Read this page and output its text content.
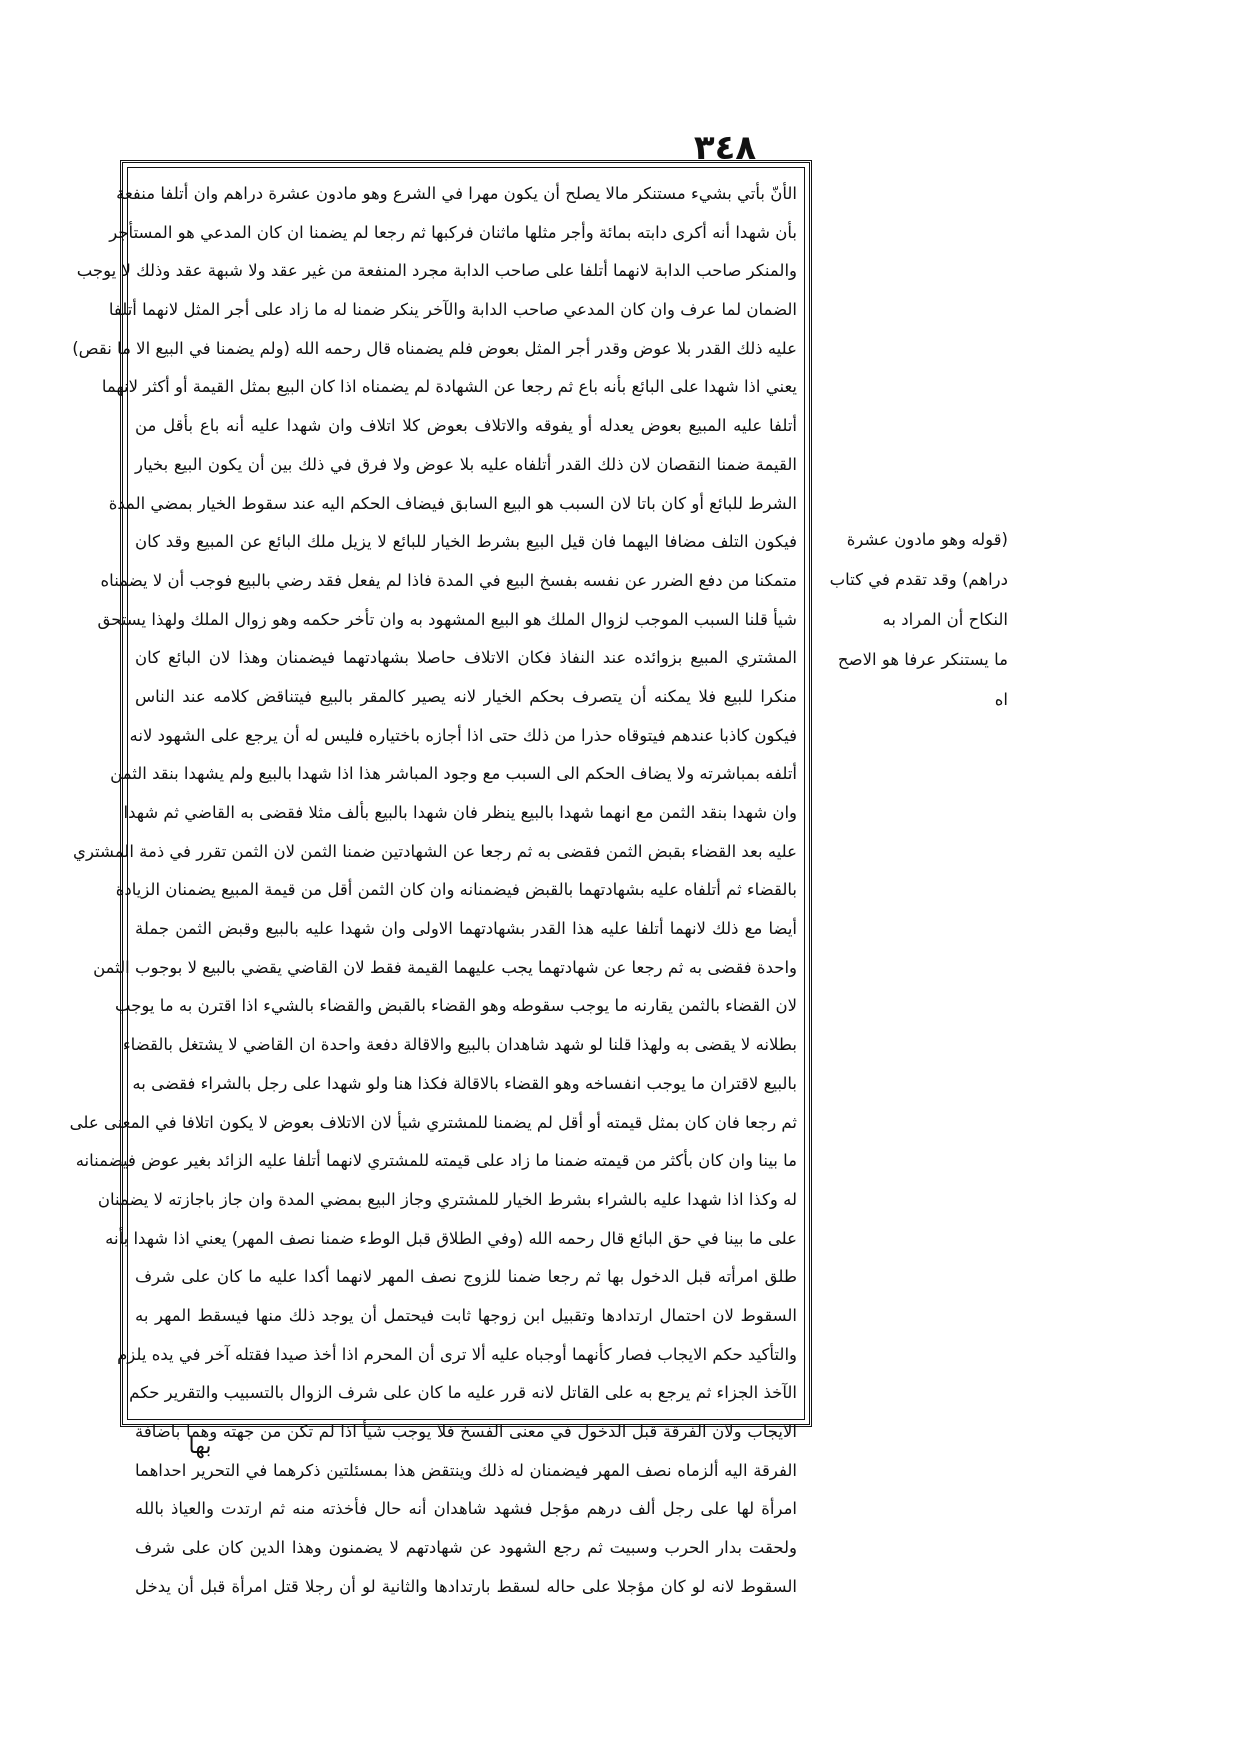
٣٤٨
الأنّ بأتي بشيء مستنكر مالا يصلح أن يكون مهرا في الشرع وهو مادون عشرة دراهم وان أتلفا منفعة
بأن شهدا أنه أكرى دابته بمائة وأجر مثلها ماثنان فركبها ثم رجعا لم يضمنا ان كان المدعي هو المستأجر
والمنكر صاحب الدابة لانهما أتلفا على صاحب الدابة مجرد المنفعة من غير عقد ولا شبهة عقد وذلك لا يوجب
الضمان لما عرف وان كان المدعي صاحب الدابة والآخر ينكر ضمنا له ما زاد على أجر المثل لانهما أتلفا
عليه ذلك القدر بلا عوض وقدر أجر المثل بعوض فلم يضمناه قال رحمه الله (ولم يضمنا في البيع الا ما نقص)
يعني اذا شهدا على البائع بأنه باع ثم رجعا عن الشهادة لم يضمناه اذا كان البيع بمثل القيمة أو أكثر لانهما
أتلفا عليه المبيع بعوض يعدله أو يفوقه والاتلاف بعوض كلا اتلاف وان شهدا عليه أنه باع بأقل من
القيمة ضمنا النقصان لان ذلك القدر أتلفاه عليه بلا عوض ولا فرق في ذلك بين أن يكون البيع بخيار
الشرط للبائع أو كان باتا لان السبب هو البيع السابق فيضاف الحكم اليه عند سقوط الخيار بمضي المدة
فيكون التلف مضافا اليهما فان قيل البيع بشرط الخيار للبائع لا يزيل ملك البائع عن المبيع وقد كان
متمكنا من دفع الضرر عن نفسه بفسخ البيع في المدة فاذا لم يفعل فقد رضي بالبيع فوجب أن لا يضمناه
شيأ قلنا السبب الموجب لزوال الملك هو البيع المشهود به وان تأخر حكمه وهو زوال الملك ولهذا يستحق
المشتري المبيع بزوائده عند النفاذ فكان الاتلاف حاصلا بشهادتهما فيضمنان وهذا لان البائع كان
منكرا للبيع فلا يمكنه أن يتصرف بحكم الخيار لانه يصير كالمقر بالبيع فيتناقض كلامه عند الناس
فيكون كاذبا عندهم فيتوقاه حذرا من ذلك حتى اذا أجازه باختياره فليس له أن يرجع على الشهود لانه
أتلفه بمباشرته ولا يضاف الحكم الى السبب مع وجود المباشر هذا اذا شهدا بالبيع ولم يشهدا بنقد الثمن
وان شهدا بنقد الثمن مع انهما شهدا بالبيع ينظر فان شهدا بالبيع بألف مثلا فقضى به القاضي ثم شهدا
عليه بعد القضاء بقبض الثمن فقضى به ثم رجعا عن الشهادتين ضمنا الثمن لان الثمن تقرر في ذمة المشتري
بالقضاء ثم أتلفاه عليه بشهادتهما بالقبض فيضمنانه وان كان الثمن أقل من قيمة المبيع يضمنان الزيادة
أيضا مع ذلك لانهما أتلفا عليه هذا القدر بشهادتهما الاولى وان شهدا عليه بالبيع وقبض الثمن جملة
واحدة فقضى به ثم رجعا عن شهادتهما يجب عليهما القيمة فقط لان القاضي يقضي بالبيع لا بوجوب الثمن
لان القضاء بالثمن يقارنه ما يوجب سقوطه وهو القضاء بالقبض والقضاء بالشيء اذا اقترن به ما يوجب
بطلانه لا يقضى به ولهذا قلنا لو شهد شاهدان بالبيع والاقالة دفعة واحدة ان القاضي لا يشتغل بالقضاء
بالبيع لاقتران ما يوجب انفساخه وهو القضاء بالاقالة فكذا هنا ولو شهدا على رجل بالشراء فقضى به
ثم رجعا فان كان بمثل قيمته أو أقل لم يضمنا للمشتري شيأ لان الاتلاف بعوض لا يكون اتلافا في المعنى على
ما بينا وان كان بأكثر من قيمته ضمنا ما زاد على قيمته للمشتري لانهما أتلفا عليه الزائد بغير عوض فيضمنانه
له وكذا اذا شهدا عليه بالشراء بشرط الخيار للمشتري وجاز البيع بمضي المدة وان جاز باجازته لا يضمنان
على ما بينا في حق البائع قال رحمه الله (وفي الطلاق قبل الوطء ضمنا نصف المهر) يعني اذا شهدا بأنه
طلق امرأته قبل الدخول بها ثم رجعا ضمنا للزوج نصف المهر لانهما أكدا عليه ما كان على شرف
السقوط لان احتمال ارتدادها وتقبيل ابن زوجها ثابت فيحتمل أن يوجد ذلك منها فيسقط المهر به
والتأكيد حكم الايجاب فصار كأنهما أوجباه عليه ألا ترى أن المحرم اذا أخذ صيدا فقتله آخر في يده يلزم
الآخذ الجزاء ثم يرجع به على القاتل لانه قرر عليه ما كان على شرف الزوال بالتسبيب والتقرير حكم
الايجاب ولان الفرقة قبل الدخول في معنى الفسخ فلا يوجب شيأ اذا لم تكن من جهته وهما باضافة
الفرقة اليه ألزماه نصف المهر فيضمنان له ذلك وينتقض هذا بمسئلتين ذكرهما في التحرير احداهما
امرأة لها على رجل ألف درهم مؤجل فشهد شاهدان أنه حال فأخذته منه ثم ارتدت والعياذ بالله
ولحقت بدار الحرب وسبيت ثم رجع الشهود عن شهادتهم لا يضمنون وهذا الدين كان على شرف
السقوط لانه لو كان مؤجلا على حاله لسقط بارتدادها والثانية لو أن رجلا قتل امرأة قبل أن يدخل
(قوله وهو مادون عشرة
دراهم) وقد تقدم في كتاب
النكاح أن المراد به
ما يستنكر عرفا هو الاصح
اه
بها
